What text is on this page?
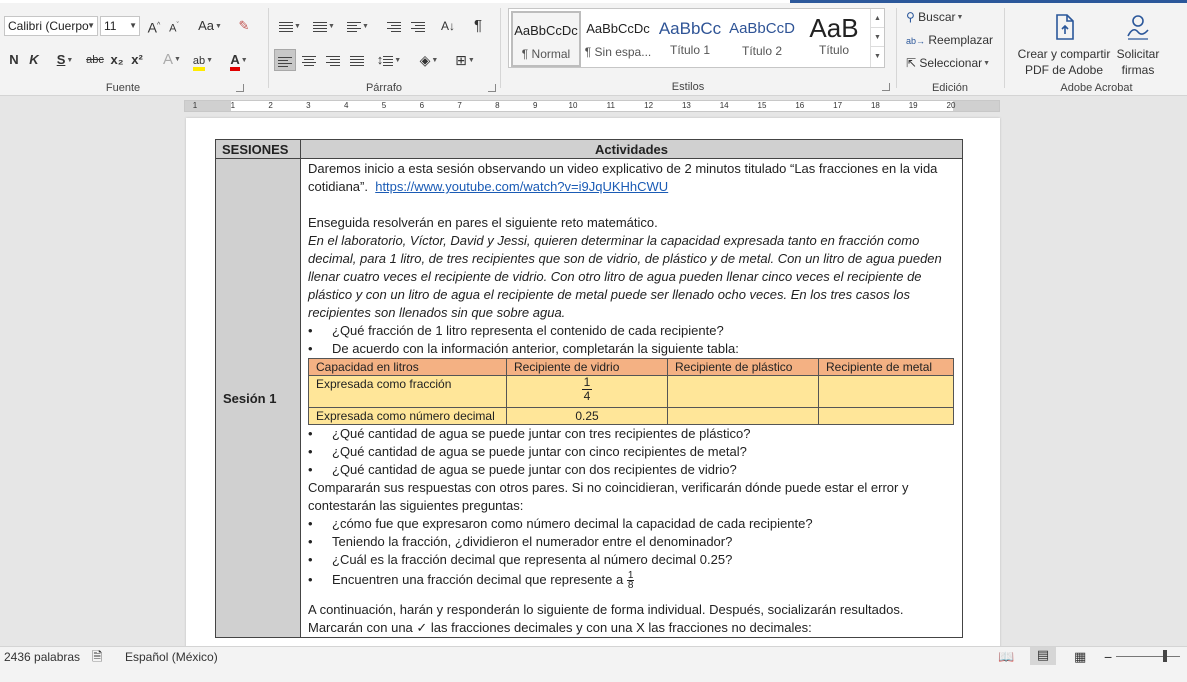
Calibri (Cuerpo
▼ 11 ▼ A^ $A^ˇ$	Aa▼	✎
N K	S▼	abc x₂ x² A▼ ab▼	A▼
Fuente
▼	▼	▼	A↓	¶
↕ ▼	◈▼	⊞▼
Párrafo
AaBbCcDc
¶ Normal
AaBbCcDc
¶ Sin espa...
AaBbCc
Título 1
AaBbCcD
Título 2
AaB
Título
▲
▼
▼
Estilos
⚲ Buscar▼
ab→ Reemplazar
⇱ Seleccionar▼
Edición
Crear y compartir
PDF de Adobe
Solicitar
firmas
Adobe Acrobat
1	1	2	3	4	5	6	7	8	9	10	11	12	13	14	15	16	17	18	19	20
SESIONES	Actividades
Sesión 1	

Daremos inicio a esta sesión observando un video explicativo de 2 minutos titulado “Las fracciones en la vida cotidiana”. https://www.youtube.com/watch?v=i9JqUKHhCWU

Enseguida resolverán en pares el siguiente reto matemático.

En el laboratorio, Víctor, David y Jessi, quieren determinar la capacidad expresada tanto en fracción como decimal, para 1 litro, de tres recipientes que son de vidrio, de plástico y de metal. Con un litro de agua pueden llenar cuatro veces el recipiente de vidrio. Con otro litro de agua pueden llenar cinco veces el recipiente de plástico y con un litro de agua el recipiente de metal puede ser llenado ocho veces. En los tres casos los recipientes son llenados sin que sobre agua.

• ¿Qué fracción de 1 litro representa el contenido de cada recipiente?

• De acuerdo con la información anterior, completarán la siguiente tabla:

Capacidad en litros	Recipiente de vidrio	Recipiente de plástico	Recipiente de metal
Expresada como fracción	$\frac{1}{4}$

Expresada como número decimal	0.25		

• ¿Qué cantidad de agua se puede juntar con tres recipientes de plástico?

• ¿Qué cantidad de agua se puede juntar con cinco recipientes de metal?

• ¿Qué cantidad de agua se puede juntar con dos recipientes de vidrio?

Compararán sus respuestas con otros pares. Si no coincidieran, verificarán dónde puede estar el error y contestarán las siguientes preguntas:

• ¿cómo fue que expresaron como número decimal la capacidad de cada recipiente?

• Teniendo la fracción, ¿dividieron el numerador entre el denominador?

• ¿Cuál es la fracción decimal que representa al número decimal 0.25?

• Encuentren una fracción decimal que represente a $\frac{1}{8}$

A continuación, harán y responderán lo siguiente de forma individual. Después, socializarán resultados.

Marcarán con una ✓ las fracciones decimales y con una X las fracciones no decimales:

2436 palabras 🗎 Español (México)	📖	▤	▦ −
